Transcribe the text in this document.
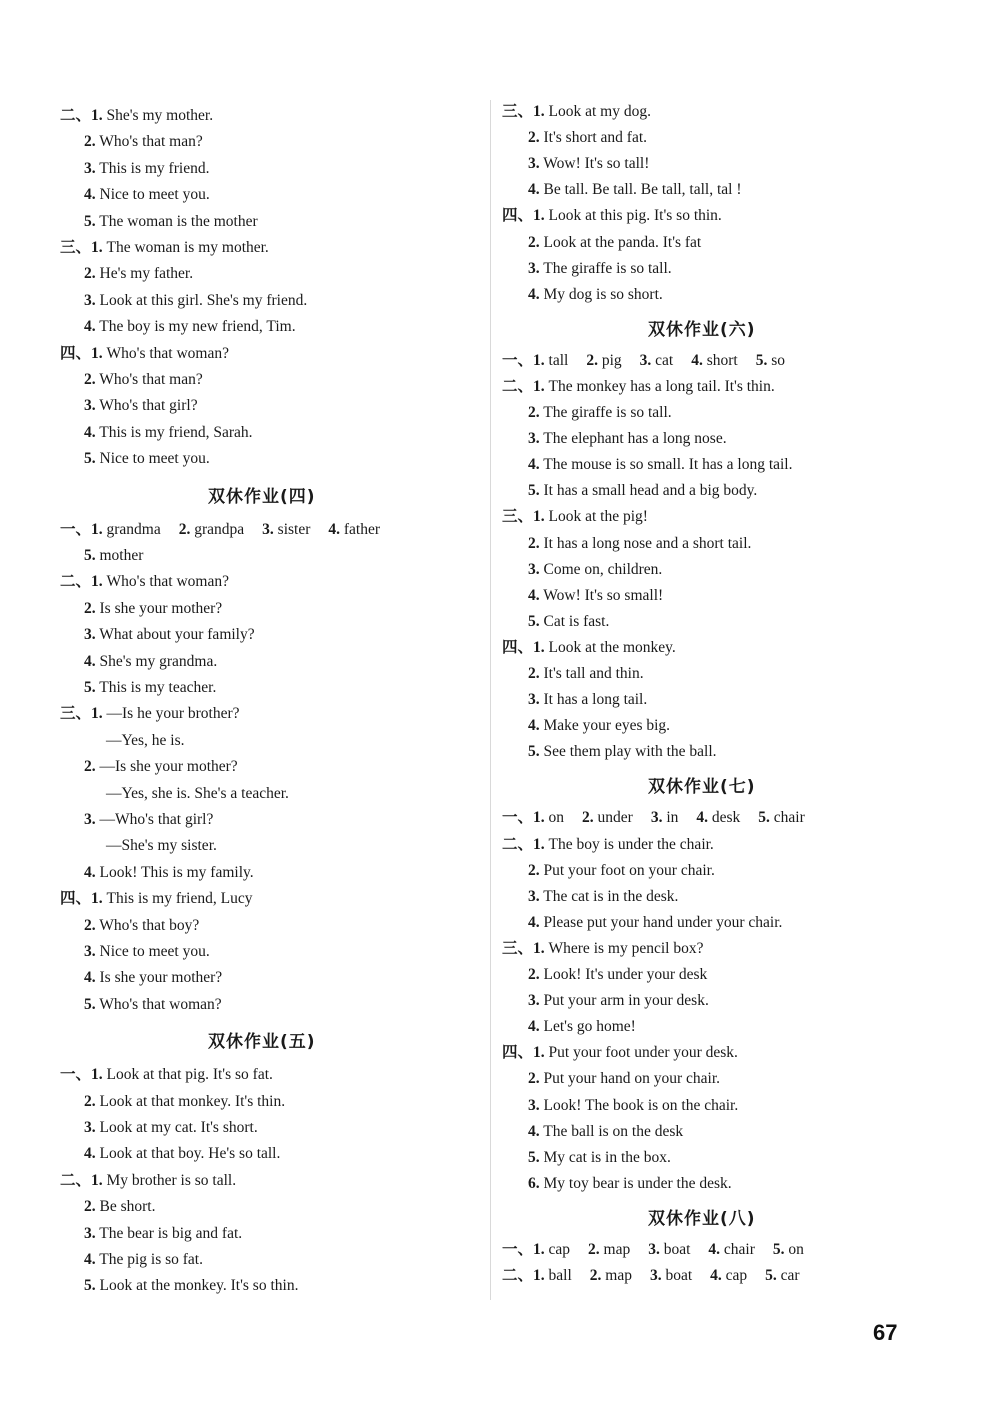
二、1. She's my mother.
2. Who's that man?
3. This is my friend.
4. Nice to meet you.
5. The woman is the mother
三、1. The woman is my mother.
2. He's my father.
3. Look at this girl. She's my friend.
4. The boy is my new friend, Tim.
四、1. Who's that woman?
2. Who's that man?
3. Who's that girl?
4. This is my friend, Sarah.
5. Nice to meet you.
双休作业(四)
一、1. grandma 2. grandpa 3. sister 4. father
5. mother
二、1. Who's that woman?
2. Is she your mother?
3. What about your family?
4. She's my grandma.
5. This is my teacher.
三、1. —Is he your brother?
—Yes, he is.
2. —Is she your mother?
—Yes, she is. She's a teacher.
3. —Who's that girl?
—She's my sister.
4. Look! This is my family.
四、1. This is my friend, Lucy
2. Who's that boy?
3. Nice to meet you.
4. Is she your mother?
5. Who's that woman?
双休作业(五)
一、1. Look at that pig. It's so fat.
2. Look at that monkey. It's thin.
3. Look at my cat. It's short.
4. Look at that boy. He's so tall.
二、1. My brother is so tall.
2. Be short.
3. The bear is big and fat.
4. The pig is so fat.
5. Look at the monkey. It's so thin.
三、1. Look at my dog.
2. It's short and fat.
3. Wow! It's so tall!
4. Be tall. Be tall. Be tall, tall, tal !
四、1. Look at this pig. It's so thin.
2. Look at the panda. It's fat
3. The giraffe is so tall.
4. My dog is so short.
双休作业(六)
一、1. tall 2. pig 3. cat 4. short 5. so
二、1. The monkey has a long tail. It's thin.
2. The giraffe is so tall.
3. The elephant has a long nose.
4. The mouse is so small. It has a long tail.
5. It has a small head and a big body.
三、1. Look at the pig!
2. It has a long nose and a short tail.
3. Come on, children.
4. Wow! It's so small!
5. Cat is fast.
四、1. Look at the monkey.
2. It's tall and thin.
3. It has a long tail.
4. Make your eyes big.
5. See them play with the ball.
双休作业(七)
一、1. on 2. under 3. in 4. desk 5. chair
二、1. The boy is under the chair.
2. Put your foot on your chair.
3. The cat is in the desk.
4. Please put your hand under your chair.
三、1. Where is my pencil box?
2. Look! It's under your desk
3. Put your arm in your desk.
4. Let's go home!
四、1. Put your foot under your desk.
2. Put your hand on your chair.
3. Look! The book is on the chair.
4. The ball is on the desk
5. My cat is in the box.
6. My toy bear is under the desk.
双休作业(八)
一、1. cap 2. map 3. boat 4. chair 5. on
二、1. ball 2. map 3. boat 4. cap 5. car
67
